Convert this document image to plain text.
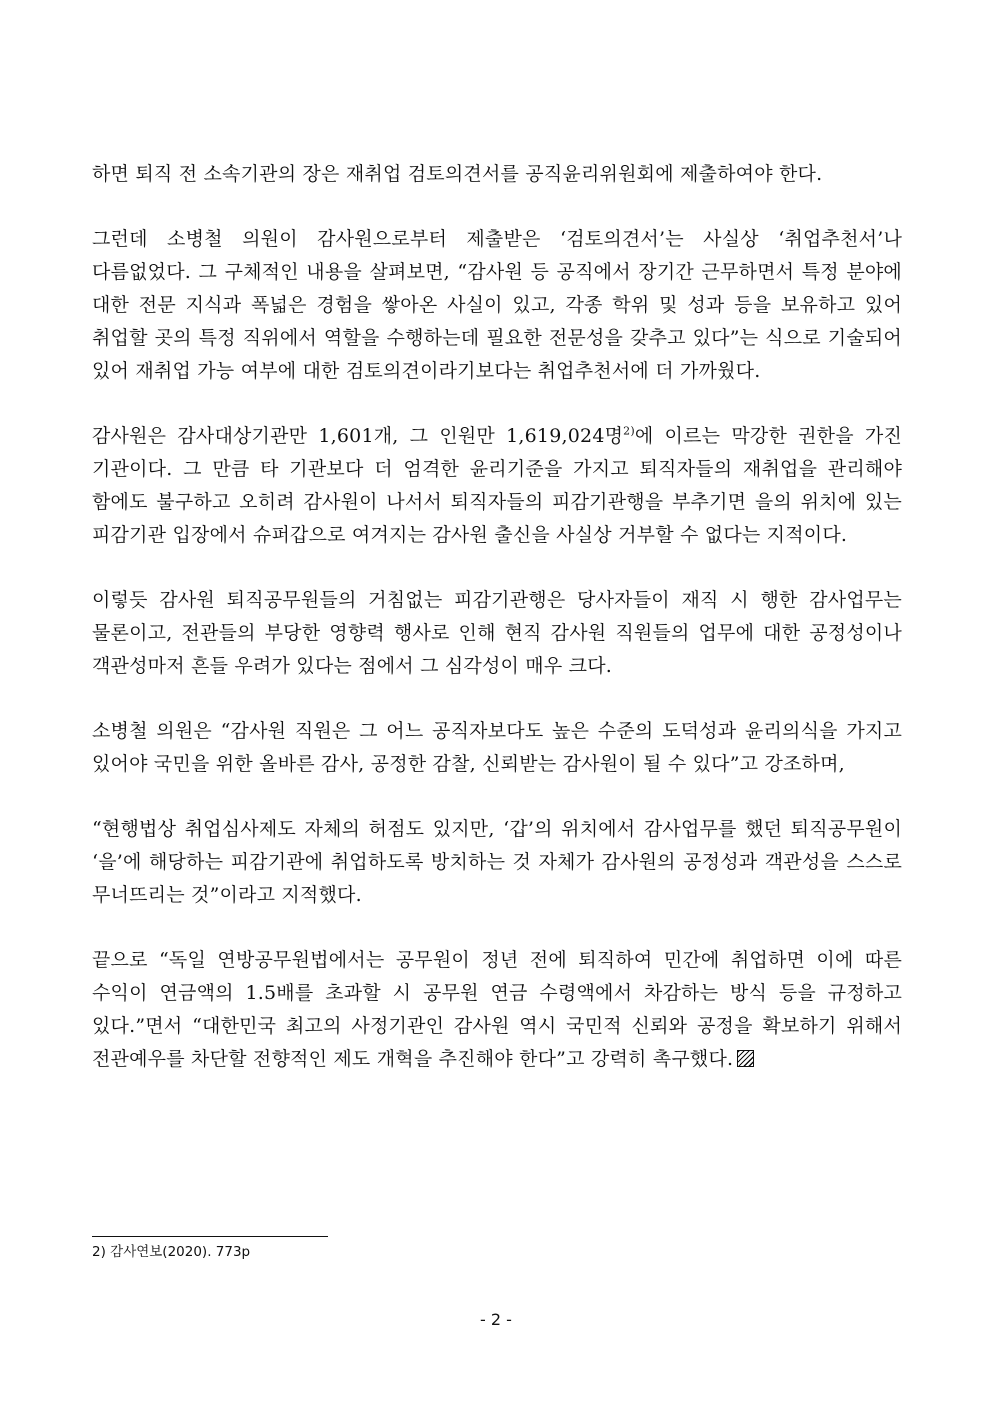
하면 퇴직 전 소속기관의 장은 재취업 검토의견서를 공직윤리위원회에 제출하여야 한다.

그런데 소병철 의원이 감사원으로부터 제출받은 ‘검토의견서’는 사실상 ‘취업추천서’나 다름없었다. 그 구체적인 내용을 살펴보면, “감사원 등 공직에서 장기간 근무하면서 특정 분야에 대한 전문 지식과 폭넓은 경험을 쌓아온 사실이 있고, 각종 학위 및 성과 등을 보유하고 있어 취업할 곳의 특정 직위에서 역할을 수행하는데 필요한 전문성을 갖추고 있다”는 식으로 기술되어 있어 재취업 가능 여부에 대한 검토의견이라기보다는 취업추천서에 더 가까웠다.

감사원은 감사대상기관만 1,601개, 그 인원만 1,619,024명$^{2)}$에 이르는 막강한 권한을 가진 기관이다. 그 만큼 타 기관보다 더 엄격한 윤리기준을 가지고 퇴직자들의 재취업을 관리해야 함에도 불구하고 오히려 감사원이 나서서 퇴직자들의 피감기관행을 부추기면 을의 위치에 있는 피감기관 입장에서 슈퍼갑으로 여겨지는 감사원 출신을 사실상 거부할 수 없다는 지적이다.

이렇듯 감사원 퇴직공무원들의 거침없는 피감기관행은 당사자들이 재직 시 행한 감사업무는 물론이고, 전관들의 부당한 영향력 행사로 인해 현직 감사원 직원들의 업무에 대한 공정성이나 객관성마저 흔들 우려가 있다는 점에서 그 심각성이 매우 크다.

소병철 의원은 “감사원 직원은 그 어느 공직자보다도 높은 수준의 도덕성과 윤리의식을 가지고 있어야 국민을 위한 올바른 감사, 공정한 감찰, 신뢰받는 감사원이 될 수 있다”고 강조하며,

“현행법상 취업심사제도 자체의 허점도 있지만, ‘갑’의 위치에서 감사업무를 했던 퇴직공무원이 ‘을’에 해당하는 피감기관에 취업하도록 방치하는 것 자체가 감사원의 공정성과 객관성을 스스로 무너뜨리는 것”이라고 지적했다.

끝으로 “독일 연방공무원법에서는 공무원이 정년 전에 퇴직하여 민간에 취업하면 이에 따른 수익이 연금액의 1.5배를 초과할 시 공무원 연금 수령액에서 차감하는 방식 등을 규정하고 있다.”면서 “대한민국 최고의 사정기관인 감사원 역시 국민적 신뢰와 공정을 확보하기 위해서 전관예우를 차단할 전향적인 제도 개혁을 추진해야 한다”고 강력히 촉구했다.

2) 감사연보(2020). 773p
- 2 -
